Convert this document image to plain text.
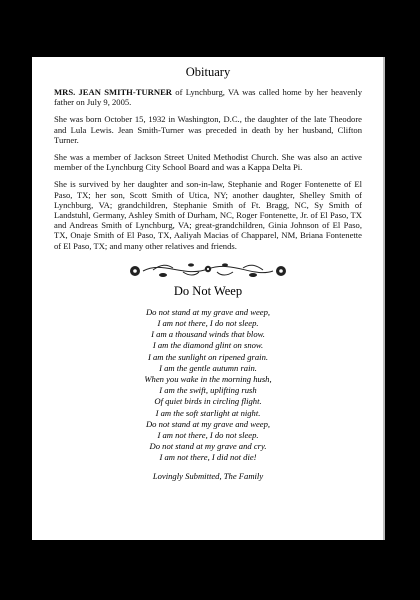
Obituary

MRS. JEAN SMITH-TURNER of Lynchburg, VA was called home by her heavenly father on July 9, 2005.

She was born October 15, 1932 in Washington, D.C., the daughter of the late Theodore and Lula Lewis. Jean Smith-Turner was preceded in death by her husband, Clifton Turner.

She was a member of Jackson Street United Methodist Church. She was also an active member of the Lynchburg City School Board and was a Kappa Delta Pi.

She is survived by her daughter and son-in-law, Stephanie and Roger Fontenette of El Paso, TX; her son, Scott Smith of Utica, NY; another daughter, Shelley Smith of Lynchburg, VA; grandchildren, Stephanie Smith of Ft. Bragg, NC, Sy Smith of Landstuhl, Germany, Ashley Smith of Durham, NC, Roger Fontenette, Jr. of El Paso, TX and Andreas Smith of Lynchburg, VA; great-grandchildren, Ginia Johnson of El Paso, TX, Onaje Smith of El Paso, TX, Aaliyah Macias of Chapparel, NM, Briana Fontenette of El Paso, TX; and many other relatives and friends.

Do Not Weep
Do not stand at my grave and weep,
I am not there, I do not sleep.
I am a thousand winds that blow.
I am the diamond glint on snow.
I am the sunlight on ripened grain.
I am the gentle autumn rain.
When you wake in the morning hush,
I am the swift, uplifting rush
Of quiet birds in circling flight.
I am the soft starlight at night.
Do not stand at my grave and weep,
I am not there, I do not sleep.
Do not stand at my grave and cry.
I am not there, I did not die!
Lovingly Submitted, The Family
